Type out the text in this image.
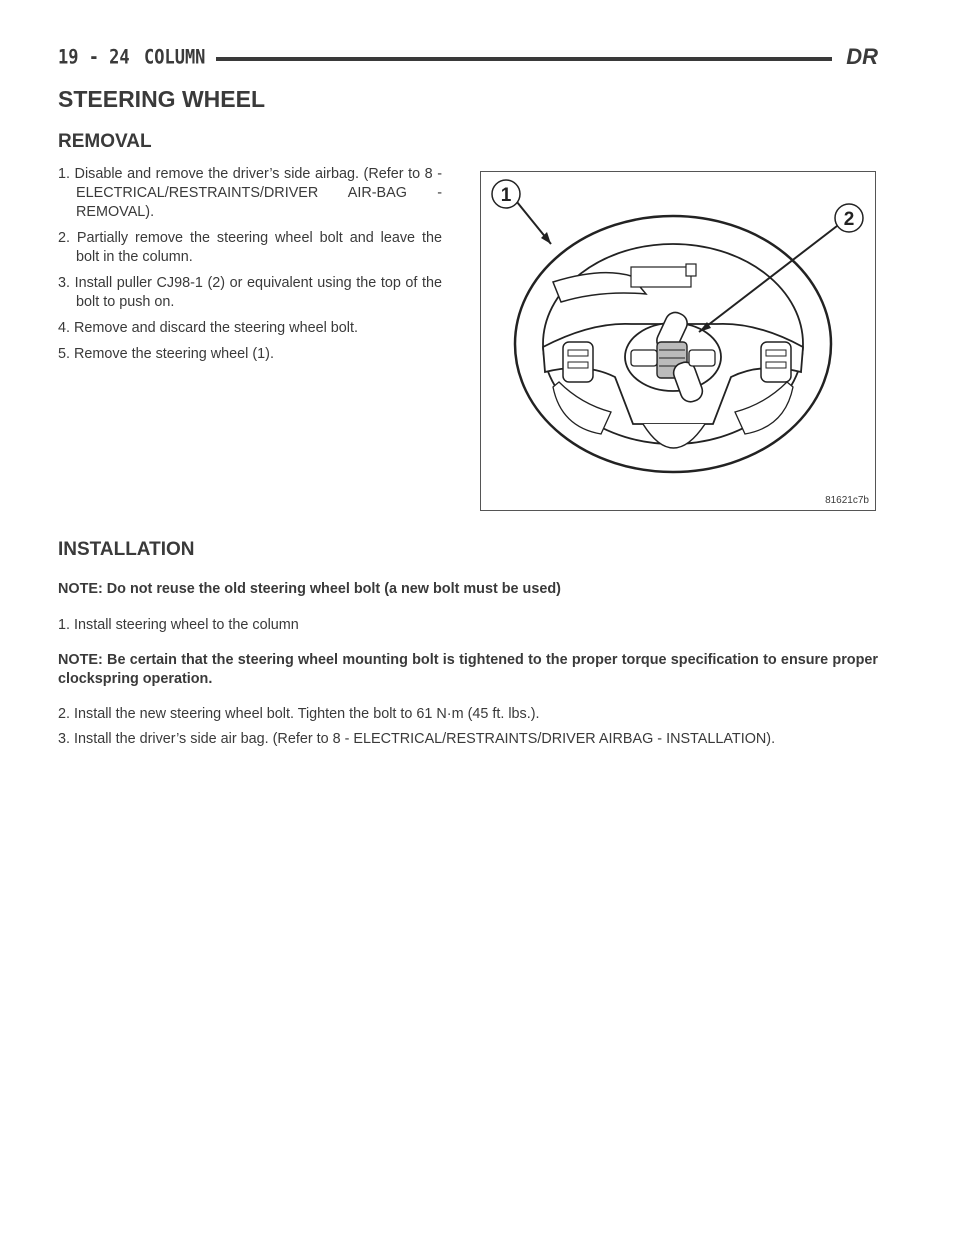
19 - 24 COLUMN	DR
STEERING WHEEL
REMOVAL
1. Disable and remove the driver’s side airbag. (Refer to 8 - ELECTRICAL/RESTRAINTS/DRIVER AIR-BAG - REMOVAL).
2. Partially remove the steering wheel bolt and leave the bolt in the column.
3. Install puller CJ98-1 (2) or equivalent using the top of the bolt to push on.
4. Remove and discard the steering wheel bolt.
5. Remove the steering wheel (1).
1
2
81621c7b
INSTALLATION

NOTE: Do not reuse the old steering wheel bolt (a new bolt must be used)

1. Install steering wheel to the column

NOTE: Be certain that the steering wheel mounting bolt is tightened to the proper torque specification to ensure proper clockspring operation.

2. Install the new steering wheel bolt. Tighten the bolt to 61 N·m (45 ft. lbs.).

3. Install the driver’s side air bag. (Refer to 8 - ELECTRICAL/RESTRAINTS/DRIVER AIRBAG - INSTALLATION).
